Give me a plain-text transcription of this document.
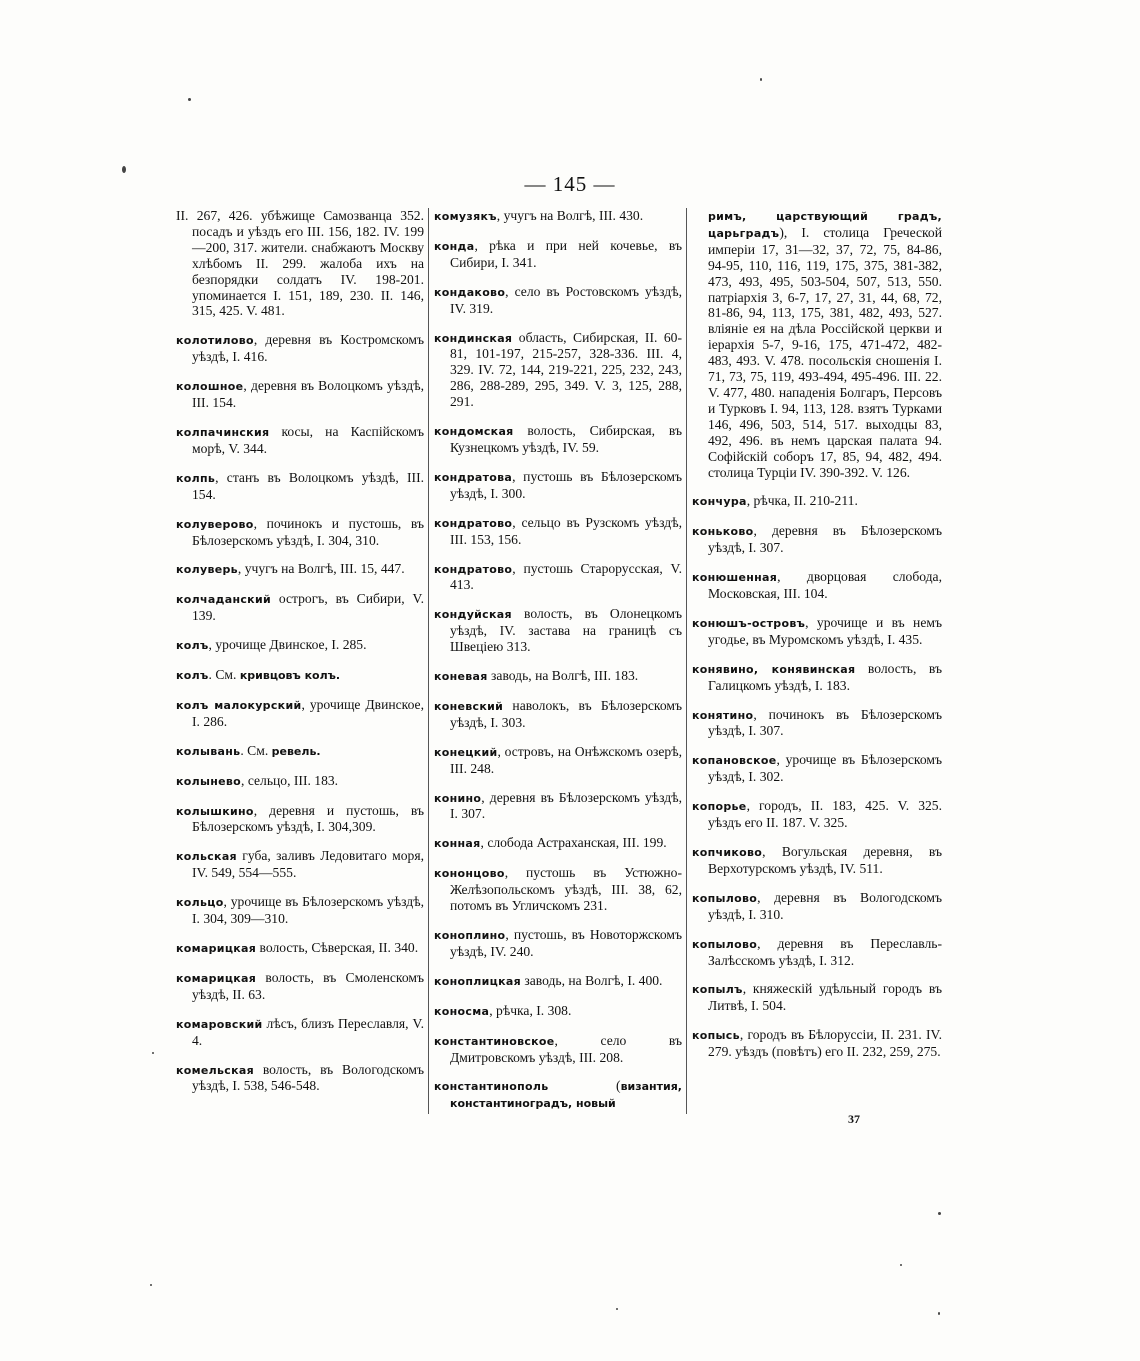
— 145 —
II. 267, 426. убѣжище Самозванца 352. посадъ и уѣздъ его III. 156, 182. IV. 199—200, 317. жители. снабжаютъ Москву хлѣбомъ II. 299. жалоба ихъ на безпорядки солдатъ IV. 198-201. упоминается I. 151, 189, 230. II. 146, 315, 425. V. 481.
колотилово, деревня въ Костромскомъ уѣздѣ, I. 416.
колошное, деревня въ Волоцкомъ уѣздѣ, III. 154.
колпачинския косы, на Каспійскомъ морѣ, V. 344.
колпь, станъ въ Волоцкомъ уѣздѣ, III. 154.
колуверово, починокъ и пустошь, въ Бѣлозерскомъ уѣздѣ, I. 304, 310.
колуверь, учугъ на Волгѣ, III. 15, 447.
колчаданский острогъ, въ Сибири, V. 139.
колъ, урочище Двинское, I. 285.
колъ. См. кривцовъ колъ.
колъ малокурский, урочище Двинское, I. 286.
колывань. См. ревель.
колынево, сельцо, III. 183.
колышкино, деревня и пустошь, въ Бѣлозерскомъ уѣздѣ, I. 304,309.
кольская губа, заливъ Ледовитаго моря, IV. 549, 554—555.
кольцо, урочище въ Бѣлозерскомъ уѣздѣ, I. 304, 309—310.
комарицкая волость, Сѣверская, II. 340.
комарицкая волость, въ Смоленскомъ уѣздѣ, II. 63.
комаровский лѣсъ, близъ Переславля, V. 4.
комельская волость, въ Вологодскомъ уѣздѣ, I. 538, 546-548.
комузякъ, учугъ на Волгѣ, III. 430.
конда, рѣка и при ней кочевье, въ Сибири, I. 341.
кондаково, село въ Ростовскомъ уѣздѣ, IV. 319.
кондинская область, Сибирская, II. 60-81, 101-197, 215-257, 328-336. III. 4, 329. IV. 72, 144, 219-221, 225, 232, 243, 286, 288-289, 295, 349. V. 3, 125, 288, 291.
кондомская волость, Сибирская, въ Кузнецкомъ уѣздѣ, IV. 59.
кондратова, пустошь въ Бѣлозерскомъ уѣздѣ, I. 300.
кондратово, сельцо въ Рузскомъ уѣздѣ, III. 153, 156.
кондратово, пустошь Старорусская, V. 413.
кондуйская волость, въ Олонецкомъ уѣздѣ, IV. застава на границѣ съ Швеціею 313.
коневая заводь, на Волгѣ, III. 183.
коневский наволокъ, въ Бѣлозерскомъ уѣздѣ, I. 303.
конецкий, островъ, на Онѣжскомъ озерѣ, III. 248.
конино, деревня въ Бѣлозерскомъ уѣздѣ, I. 307.
конная, слобода Астраханская, III. 199.
кононцово, пустошь въ Устюжно-Желѣзопольскомъ уѣздѣ, III. 38, 62, потомъ въ Угличскомъ 231.
коноплино, пустошь, въ Новоторжскомъ уѣздѣ, IV. 240.
коноплицкая заводь, на Волгѣ, I. 400.
коносма, рѣчка, I. 308.
константиновское, село въ Дмитровскомъ уѣздѣ, III. 208.
константинополь (византия, константиноградъ, новый
римъ, царствующий градъ, царьградъ), I. столица Греческой имперіи 17, 31—32, 37, 72, 75, 84-86, 94-95, 110, 116, 119, 175, 375, 381-382, 473, 493, 495, 503-504, 507, 513, 550. патріархія 3, 6-7, 17, 27, 31, 44, 68, 72, 81-86, 94, 113, 175, 381, 482, 493, 527. вліяніе ея на дѣла Россійской церкви и іерархія 5-7, 9-16, 175, 471-472, 482-483, 493. V. 478. посольскія сношенія I. 71, 73, 75, 119, 493-494, 495-496. III. 22. V. 477, 480. нападенія Болгаръ, Персовъ и Турковъ I. 94, 113, 128. взятъ Турками 146, 496, 503, 514, 517. выходцы 83, 492, 496. въ немъ царская палата 94. Софійскій соборъ 17, 85, 94, 482, 494. столица Турціи IV. 390-392. V. 126.
кончура, рѣчка, II. 210-211.
коньково, деревня въ Бѣлозерскомъ уѣздѣ, I. 307.
конюшенная, дворцовая слобода, Московская, III. 104.
конюшъ-островъ, урочище и въ немъ угодье, въ Муромскомъ уѣздѣ, I. 435.
конявино, конявинская волость, въ Галицкомъ уѣздѣ, I. 183.
конятино, починокъ въ Бѣлозерскомъ уѣздѣ, I. 307.
копановское, урочище въ Бѣлозерскомъ уѣздѣ, I. 302.
копорье, городъ, II. 183, 425. V. 325. уѣздъ его II. 187. V. 325.
копчиково, Вогульская деревня, въ Верхотурскомъ уѣздѣ, IV. 511.
копылово, деревня въ Вологодскомъ уѣздѣ, I. 310.
копылово, деревня въ Переславль-Залѣсскомъ уѣздѣ, I. 312.
копылъ, княжескій удѣльный городъ въ Литвѣ, I. 504.
копысь, городъ въ Бѣлоруссіи, II. 231. IV. 279. уѣздъ (повѣтъ) его II. 232, 259, 275.
37
